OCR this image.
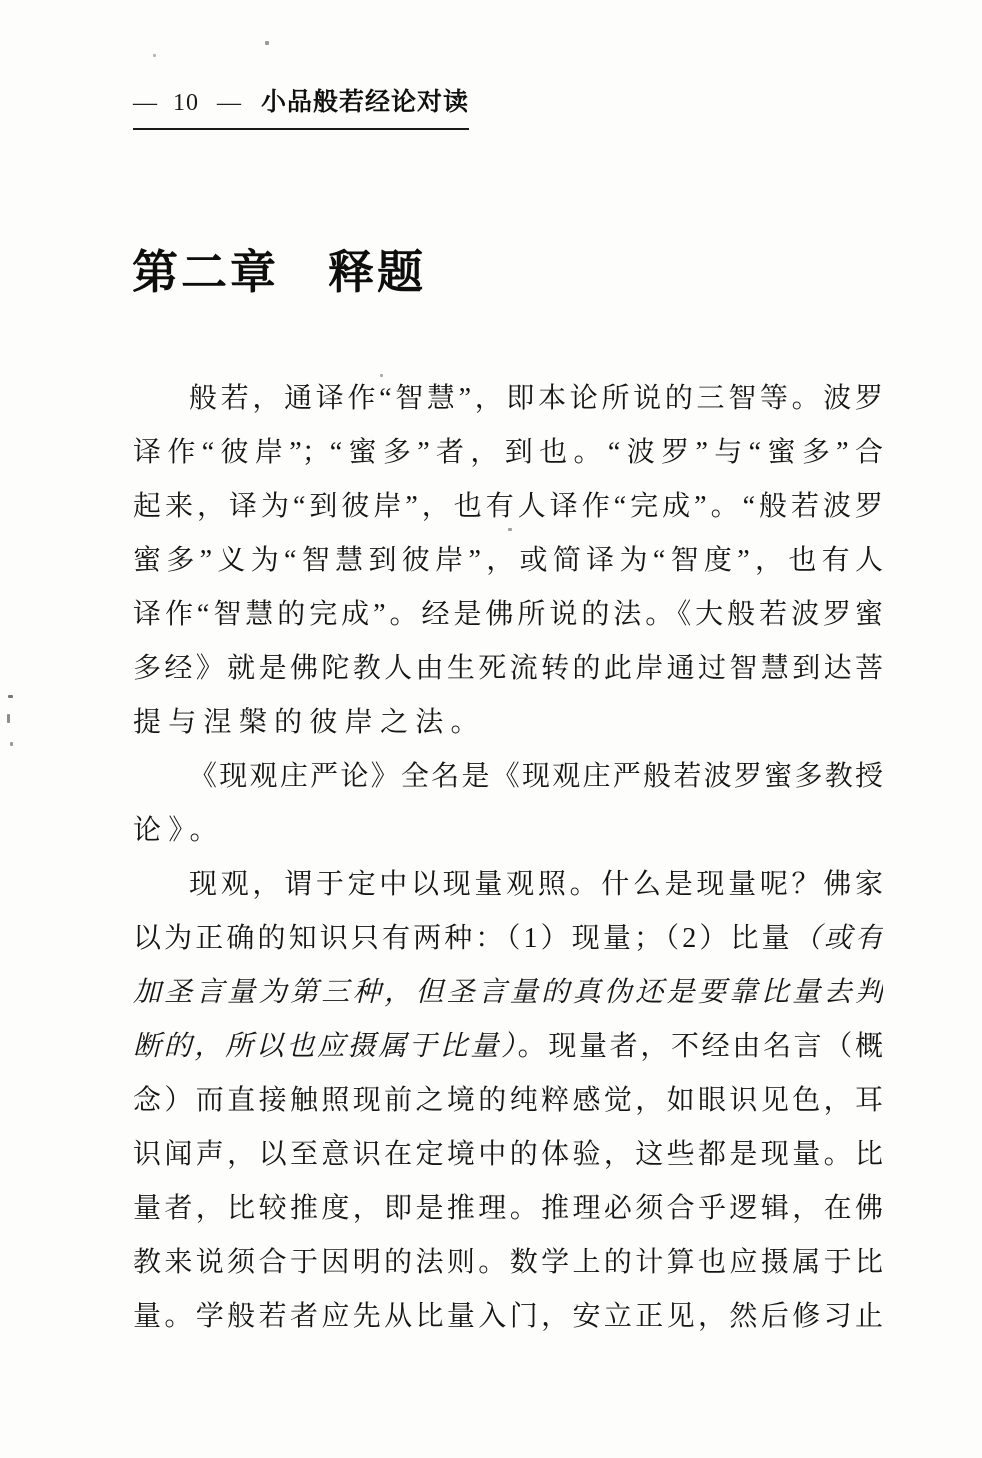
— 10 — 小品般若经论对读
第二章　释题
般若，通译作“智慧”，即本论所说的三智等。波罗
译作“彼岸”；“蜜多”者，到也。“波罗”与“蜜多”合
起来，译为“到彼岸”，也有人译作“完成”。“般若波罗
蜜多”义为“智慧到彼岸”，或简译为“智度”，也有人
译作“智慧的完成”。经是佛所说的法。《大般若波罗蜜
多经》就是佛陀教人由生死流转的此岸通过智慧到达菩
提与涅槃的彼岸之法。
《现观庄严论》全名是《现观庄严般若波罗蜜多教授
论》。
现观，谓于定中以现量观照。什么是现量呢？佛家
以为正确的知识只有两种：（1）现量；（2）比量（或有
加圣言量为第三种，但圣言量的真伪还是要靠比量去判
断的，所以也应摄属于比量）。现量者，不经由名言（概
念）而直接触照现前之境的纯粹感觉，如眼识见色，耳
识闻声，以至意识在定境中的体验，这些都是现量。比
量者，比较推度，即是推理。推理必须合乎逻辑，在佛
教来说须合于因明的法则。数学上的计算也应摄属于比
量。学般若者应先从比量入门，安立正见，然后修习止
